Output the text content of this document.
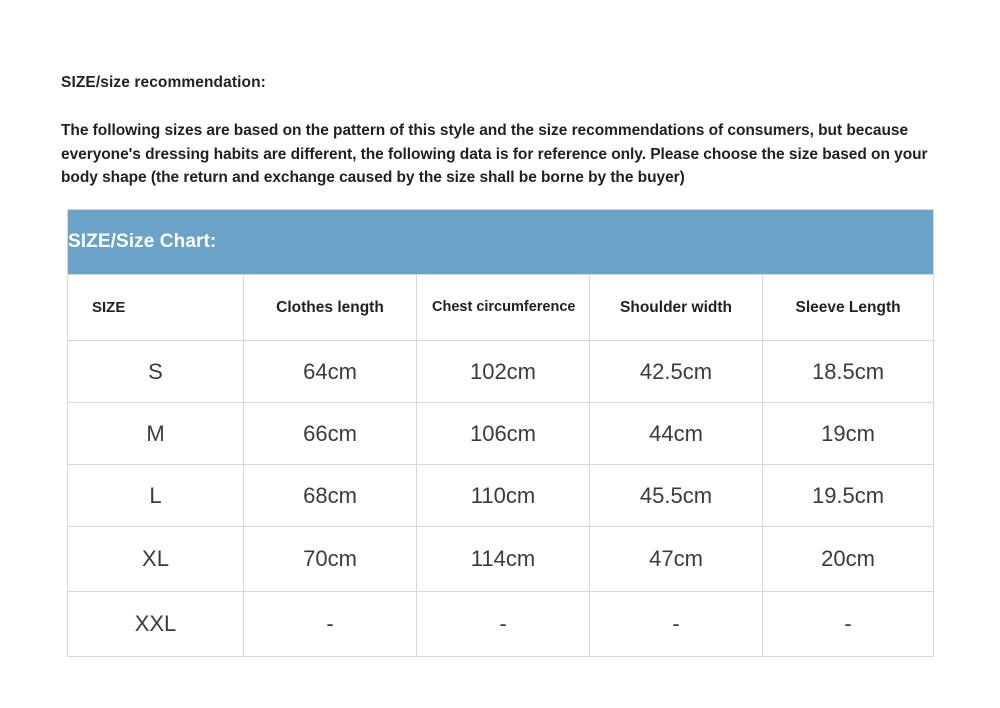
SIZE/size recommendation:
The following sizes are based on the pattern of this style and the size recommendations of consumers, but because everyone's dressing habits are different, the following data is for reference only. Please choose the size based on your body shape (the return and exchange caused by the size shall be borne by the buyer)
SIZE/Size Chart:				
SIZE	Clothes length	Chest circumference	Shoulder width	Sleeve Length
S	64cm	102cm	42.5cm	18.5cm
M	66cm	106cm	44cm	19cm
L	68cm	110cm	45.5cm	19.5cm
XL	70cm	114cm	47cm	20cm
XXL	-	-	-	-
